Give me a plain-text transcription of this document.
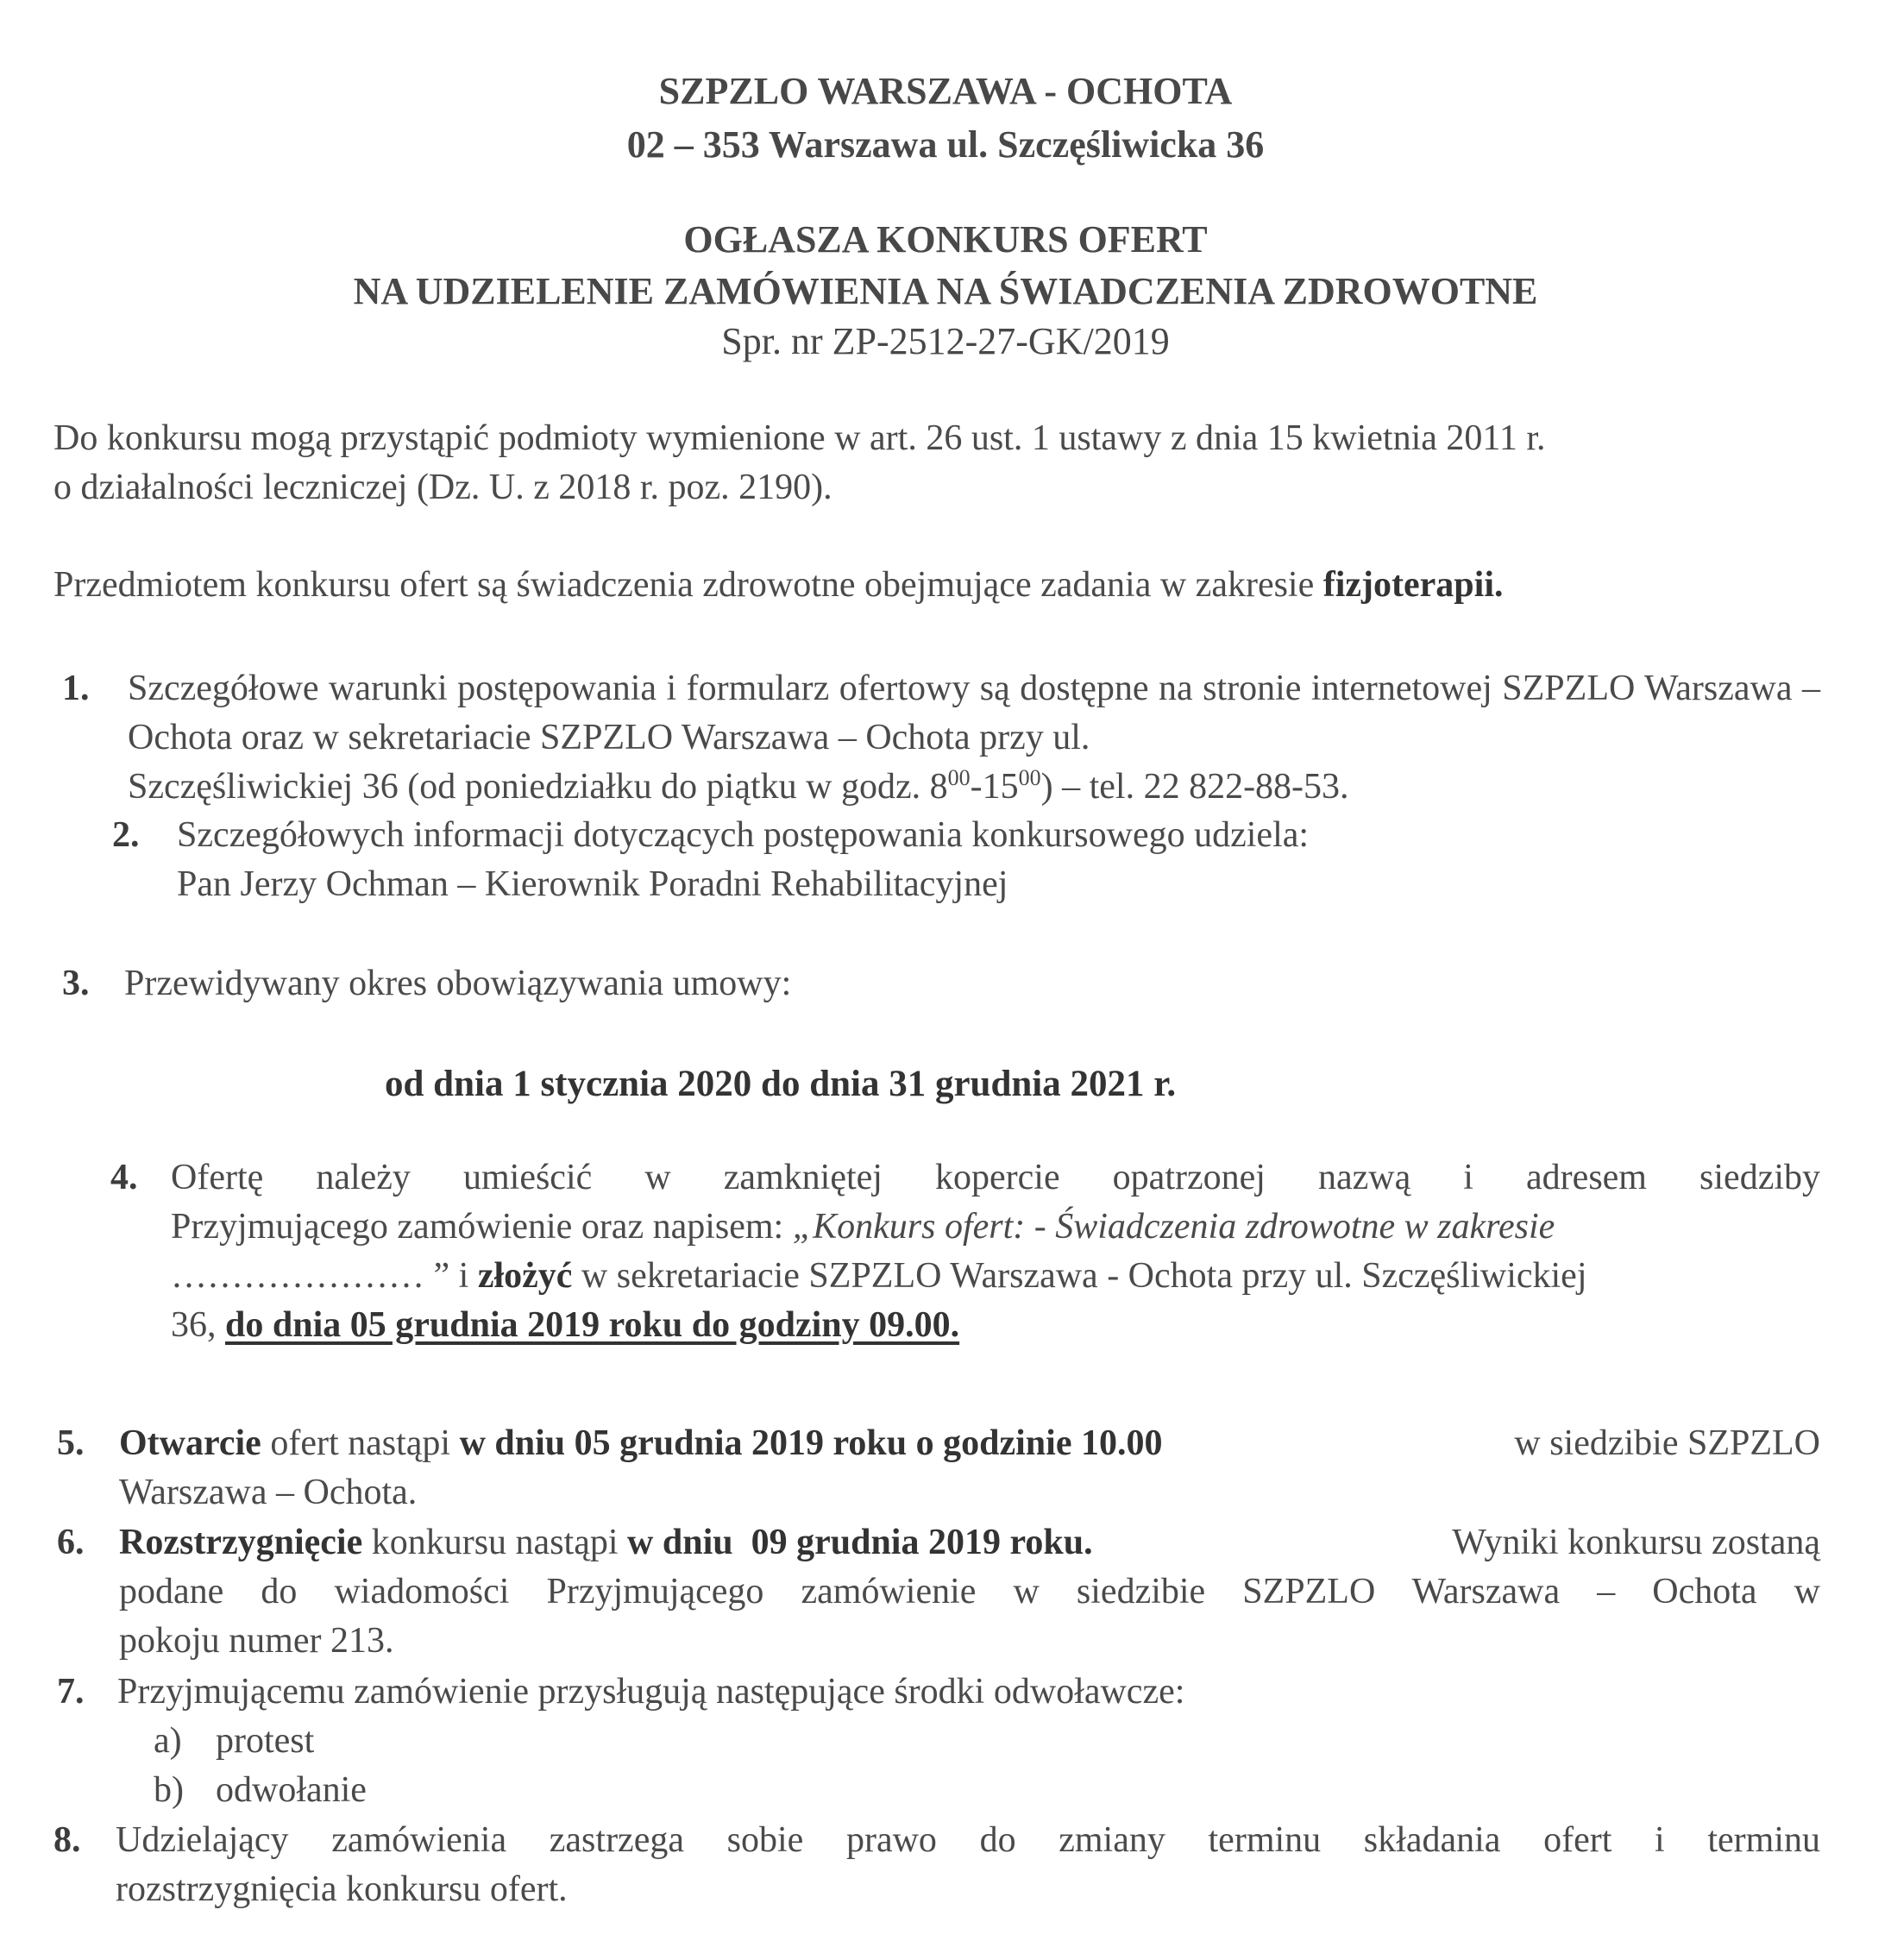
SZPZLO WARSZAWA - OCHOTA
02 – 353 Warszawa ul. Szczęśliwicka 36
OGŁASZA KONKURS OFERT
NA UDZIELENIE ZAMÓWIENIA NA ŚWIADCZENIA ZDROWOTNE
Spr. nr ZP-2512-27-GK/2019
Do konkursu mogą przystąpić podmioty wymienione w art. 26 ust. 1 ustawy z dnia 15 kwietnia 2011 r.
o działalności leczniczej (Dz. U. z 2018 r. poz. 2190).
Przedmiotem konkursu ofert są świadczenia zdrowotne obejmujące zadania w zakresie fizjoterapii.
1. Szczegółowe warunki postępowania i formularz ofertowy są dostępne na stronie internetowej SZPZLO Warszawa – Ochota oraz w sekretariacie SZPZLO Warszawa – Ochota przy ul.
Szczęśliwickiej 36 (od poniedziałku do piątku w godz. $8^{00}-15^{00}$) – tel. 22 822-88-53.
2. Szczegółowych informacji dotyczących postępowania konkursowego udziela:
Pan Jerzy Ochman – Kierownik Poradni Rehabilitacyjnej
3. Przewidywany okres obowiązywania umowy:
od dnia 1 stycznia 2020 do dnia 31 grudnia 2021 r.
4. Ofertę należy umieścić w zamkniętej kopercie opatrzonej nazwą i adresem siedziby
Przyjmującego zamówienie oraz napisem: „Konkurs ofert: - Świadczenia zdrowotne w zakresie
………………… ” i złożyć w sekretariacie SZPZLO Warszawa - Ochota przy ul. Szczęśliwickiej
36, do dnia 05 grudnia 2019 roku do godziny 09.00.
5. Otwarcie ofert nastąpi w dniu 05 grudnia 2019 roku o godzinie 10.00	w siedzibie SZPZLO
Warszawa – Ochota.
6. Rozstrzygnięcie konkursu nastąpi w dniu  09 grudnia 2019 roku.	Wyniki konkursu zostaną
podane do wiadomości Przyjmującego zamówienie w siedzibie SZPZLO Warszawa – Ochota w
pokoju numer 213.
7. Przyjmującemu zamówienie przysługują następujące środki odwoławcze:
a) protest
b) odwołanie
8. Udzielający zamówienia zastrzega sobie prawo do zmiany terminu składania ofert i terminu
rozstrzygnięcia konkursu ofert.
